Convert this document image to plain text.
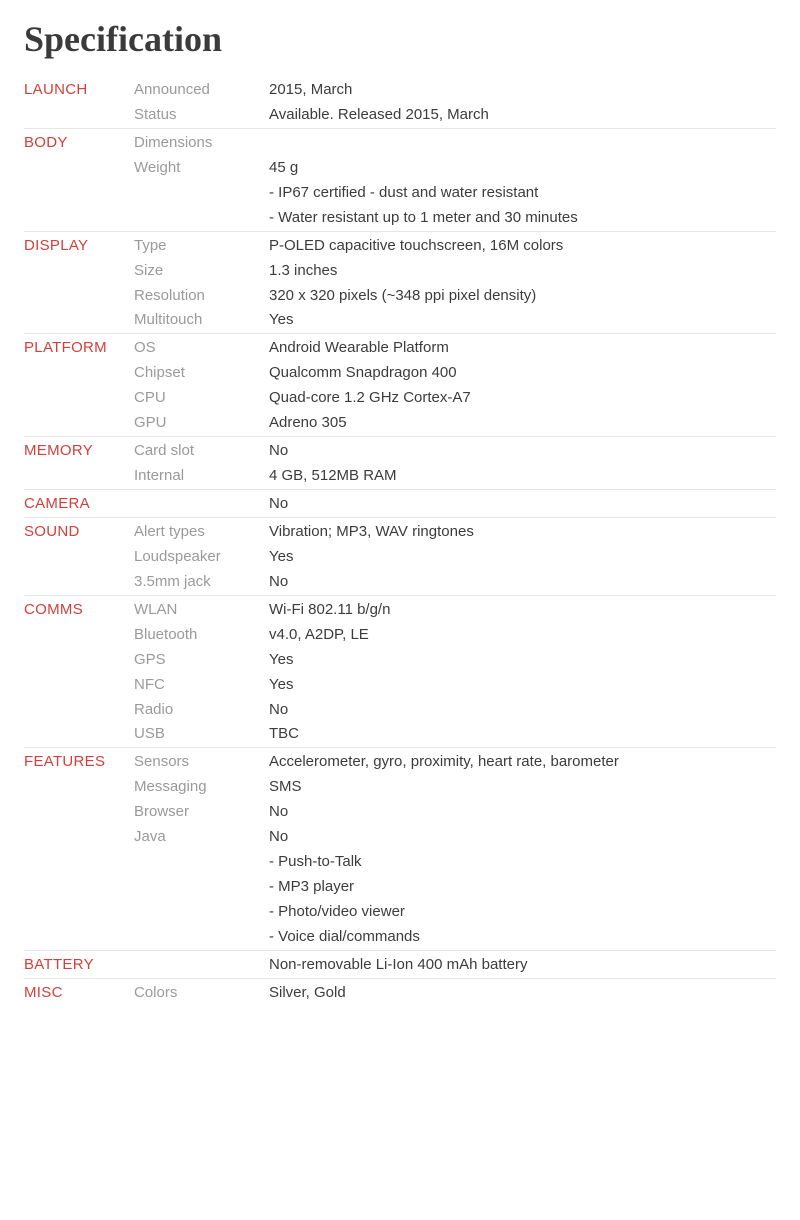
Specification
LAUNCH	Announced	2015, March
	Status	Available. Released 2015, March
BODY	Dimensions	
	Weight	45 g
		- IP67 certified - dust and water resistant
		- Water resistant up to 1 meter and 30 minutes
DISPLAY	Type	P-OLED capacitive touchscreen, 16M colors
	Size	1.3 inches
	Resolution	320 x 320 pixels (~348 ppi pixel density)
	Multitouch	Yes
PLATFORM	OS	Android Wearable Platform
	Chipset	Qualcomm Snapdragon 400
	CPU	Quad-core 1.2 GHz Cortex-A7
	GPU	Adreno 305
MEMORY	Card slot	No
	Internal	4 GB, 512MB RAM
CAMERA		No
SOUND	Alert types	Vibration; MP3, WAV ringtones
	Loudspeaker	Yes
	3.5mm jack	No
COMMS	WLAN	Wi-Fi 802.11 b/g/n
	Bluetooth	v4.0, A2DP, LE
	GPS	Yes
	NFC	Yes
	Radio	No
	USB	TBC
FEATURES	Sensors	Accelerometer, gyro, proximity, heart rate, barometer
	Messaging	SMS
	Browser	No
	Java	No
		- Push-to-Talk
		- MP3 player
		- Photo/video viewer
		- Voice dial/commands
BATTERY		Non-removable Li-Ion 400 mAh battery
MISC	Colors	Silver, Gold
